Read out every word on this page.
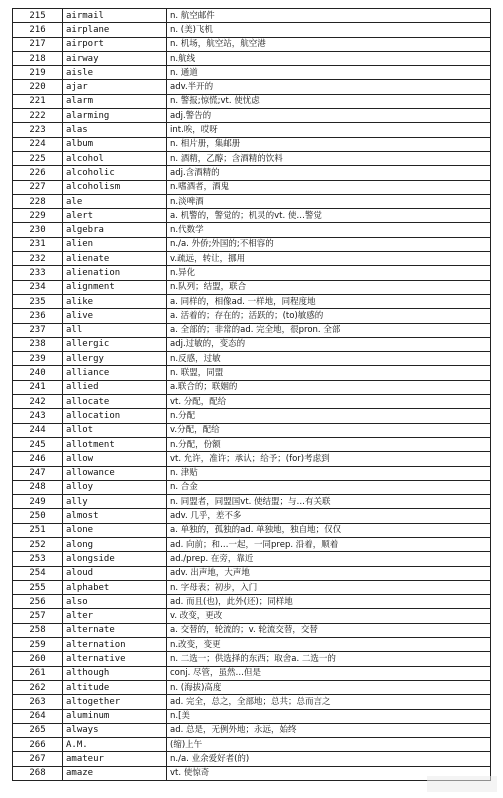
215	airmail	n. 航空邮件
216	airplane	n. (美)飞机
217	airport	n. 机场，航空站，航空港
218	airway	n.航线
219	aisle	n. 通道
220	ajar	adv.半开的
221	alarm	n. 警报;惊慌;vt. 使忧虑
222	alarming	adj.警告的
223	alas	int.唉，哎呀
224	album	n. 相片册，集邮册
225	alcohol	n. 酒精，乙醇；含酒精的饮料
226	alcoholic	adj.含酒精的
227	alcoholism	n.嗜酒者，酒鬼
228	ale	n.淡啤酒
229	alert	a. 机警的，警觉的；机灵的vt. 使…警觉
230	algebra	n.代数学
231	alien	n./a. 外侨;外国的;不相容的
232	alienate	v.疏远，转让，挪用
233	alienation	n.异化
234	alignment	n.队列；结盟，联合
235	alike	a. 同样的，相像ad. 一样地，同程度地
236	alive	a. 活着的；存在的；活跃的；(to)敏感的
237	all	a. 全部的；非常的ad. 完全地，很pron. 全部
238	allergic	adj.过敏的，变态的
239	allergy	n.反感，过敏
240	alliance	n. 联盟，同盟
241	allied	a.联合的；联姻的
242	allocate	vt. 分配，配给
243	allocation	n.分配
244	allot	v.分配，配给
245	allotment	n.分配，份额
246	allow	vt. 允许，准许；承认；给予；(for)考虑到
247	allowance	n. 津贴
248	alloy	n. 合金
249	ally	n. 同盟者，同盟国vt. 使结盟；与…有关联
250	almost	adv. 几乎，差不多
251	alone	a. 单独的，孤独的ad. 单独地，独自地；仅仅
252	along	ad. 向前；和…一起，一同prep. 沿着，顺着
253	alongside	ad./prep. 在旁，靠近
254	aloud	adv. 出声地，大声地
255	alphabet	n. 字母表；初步，入门
256	also	ad. 而且(也)，此外(还)；同样地
257	alter	v. 改变，更改
258	alternate	a. 交替的，轮流的；v. 轮流交替，交替
259	alternation	n.改变，变更
260	alternative	n. 二选一；供选择的东西；取舍a. 二选一的
261	although	conj. 尽管，虽然…但是
262	altitude	n. (海拔)高度
263	altogether	ad. 完全，总之，全部地；总共；总而言之
264	aluminum	n.[美
265	always	ad. 总是，无例外地；永远，始终
266	A.M.	(缩)上午
267	amateur	n./a. 业余爱好者(的)
268	amaze	vt. 使惊奇
